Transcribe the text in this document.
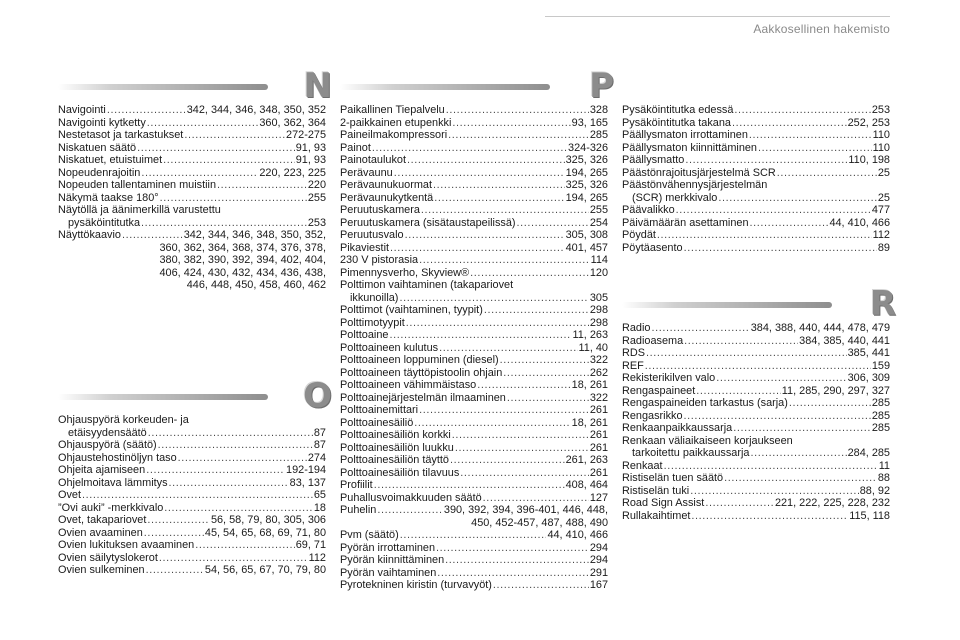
Aakkosellinen hakemisto
N
Navigointi .....	342, 344, 346, 348, 350, 352
Navigointi kytketty .....	360, 362, 364
Nestetasot ja tarkastukset .....	272-275
Niskatuen säätö .....	91, 93
Niskatuet, etuistuimet .....	91, 93
Nopeudenrajoitin .....	220, 223, 225
Nopeuden tallentaminen muistiin .....	220
Näkymä taakse 180° .....	255
Näytöllä ja äänimerkillä varustettu
pysäköintitutka .....	253
Näyttökaavio .....	342, 344, 346, 348, 350, 352,
360, 362, 364, 368, 374, 376, 378,
380, 382, 390, 392, 394, 402, 404,
406, 424, 430, 432, 434, 436, 438,
446, 448, 450, 458, 460, 462
O
Ohjauspyörä korkeuden- ja
etäisyydensäätö .....	87
Ohjauspyörä (säätö) .....	87
Ohjaustehostinöljyn taso .....	274
Ohjeita ajamiseen .....	192-194
Ohjelmoitava lämmitys .....	83, 137
Ovet .....	65
”Ovi auki” -merkkivalo .....	18
Ovet, takapariovet .....	56, 58, 79, 80, 305, 306
Ovien avaaminen .....	45, 54, 65, 68, 69, 71, 80
Ovien lukituksen avaaminen .....	69, 71
Ovien säilytyslokerot .....	112
Ovien sulkeminen .....	54, 56, 65, 67, 70, 79, 80
P
Paikallinen Tiepalvelu .....	328
2-paikkainen etupenkki .....	93, 165
Paineilmakompressori .....	285
Painot .....	324-326
Painotaulukot .....	325, 326
Perävaunu .....	194, 265
Perävaunukuormat .....	325, 326
Perävaunukytkentä .....	194, 265
Peruutuskamera .....	255
Peruutuskamera (sisätaustapeilissä) .....	254
Peruutusvalo .....	305, 308
Pikaviestit .....	401, 457
230 V pistorasia .....	114
Pimennysverho, Skyview® .....	120
Polttimon vaihtaminen (takapariovet
ikkunoilla) .....	305
Polttimot (vaihtaminen, tyypit) .....	298
Polttimotyypit .....	298
Polttoaine .....	11, 263
Polttoaineen kulutus .....	11, 40
Polttoaineen loppuminen (diesel) .....	322
Polttoaineen täyttöpistoolin ohjain .....	262
Polttoaineen vähimmäistaso .....	18, 261
Polttoainejärjestelmän ilmaaminen .....	322
Polttoainemittari .....	261
Polttoainesäiliö .....	18, 261
Polttoainesäiliön korkki .....	261
Polttoainesäiliön luukku .....	261
Polttoainesäiliön täyttö .....	261, 263
Polttoainesäiliön tilavuus .....	261
Profiilit .....	408, 464
Puhallusvoimakkuuden säätö .....	127
Puhelin .....	390, 392, 394, 396-401, 446, 448,
450, 452-457, 487, 488, 490
Pvm (säätö) .....	44, 410, 466
Pyörän irrottaminen .....	294
Pyörän kiinnittäminen .....	294
Pyörän vaihtaminen .....	291
Pyrotekninen kiristin (turvavyöt) .....	167
Pysäköintitutka edessä .....	253
Pysäköintitutka takana .....	252, 253
Päällysmaton irrottaminen .....	110
Päällysmaton kiinnittäminen .....	110
Päällysmatto .....	110, 198
Päästönrajoitusjärjestelmä SCR .....	25
Päästönvähennysjärjestelmän
(SCR) merkkivalo .....	25
Päävalikko .....	477
Päivämäärän asettaminen .....	44, 410, 466
Pöydät .....	112
Pöytäasento .....	89
R
Radio .....	384, 388, 440, 444, 478, 479
Radioasema .....	384, 385, 440, 441
RDS .....	385, 441
REF .....	159
Rekisterikilven valo .....	306, 309
Rengaspaineet .....	11, 285, 290, 297, 327
Rengaspaineiden tarkastus (sarja) .....	285
Rengasrikko .....	285
Renkaanpaikkaussarja .....	285
Renkaan väliaikaiseen korjaukseen
tarkoitettu paikkaussarja .....	284, 285
Renkaat .....	11
Ristiselän tuen säätö .....	88
Ristiselän tuki .....	88, 92
Road Sign Assist .....	221, 222, 225, 228, 232
Rullakaihtimet .....	115, 118
